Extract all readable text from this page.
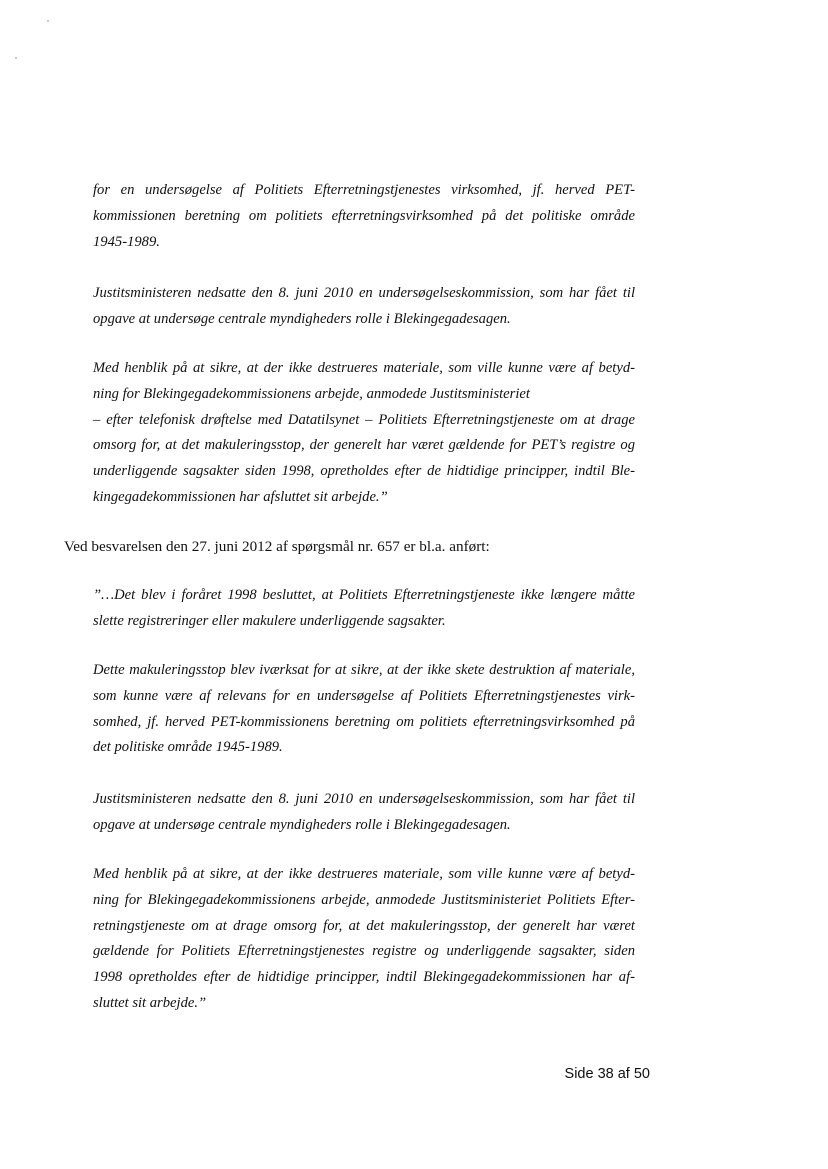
for en undersøgelse af Politiets Efterretningstjenestes virksomhed, jf. herved PET-
kommissionen beretning om politiets efterretningsvirksomhed på det politiske område
1945-1989.
Justitsministeren nedsatte den 8. juni 2010 en undersøgelseskommission, som har fået til
opgave at undersøge centrale myndigheders rolle i Blekingegadesagen.
Med henblik på at sikre, at der ikke destrueres materiale, som ville kunne være af betyd-
ning for Blekingegadekommissionens arbejde, anmodede Justitsministeriet
– efter telefonisk drøftelse med Datatilsynet – Politiets Efterretningstjeneste om at drage
omsorg for, at det makuleringsstop, der generelt har været gældende for PET’s registre og
underliggende sagsakter siden 1998, opretholdes efter de hidtidige principper, indtil Ble-
kingegadekommissionen har afsluttet sit arbejde.”

Ved besvarelsen den 27. juni 2012 af spørgsmål nr. 657 er bl.a. anført:

”…Det blev i foråret 1998 besluttet, at Politiets Efterretningstjeneste ikke længere måtte
slette registreringer eller makulere underliggende sagsakter.
Dette makuleringsstop blev iværksat for at sikre, at der ikke skete destruktion af materiale,
som kunne være af relevans for en undersøgelse af Politiets Efterretningstjenestes virk-
somhed, jf. herved PET-kommissionens beretning om politiets efterretningsvirksomhed på
det politiske område 1945-1989.
Justitsministeren nedsatte den 8. juni 2010 en undersøgelseskommission, som har fået til
opgave at undersøge centrale myndigheders rolle i Blekingegadesagen.
Med henblik på at sikre, at der ikke destrueres materiale, som ville kunne være af betyd-
ning for Blekingegadekommissionens arbejde, anmodede Justitsministeriet Politiets Efter-
retningstjeneste om at drage omsorg for, at det makuleringsstop, der generelt har været
gældende for Politiets Efterretningstjenestes registre og underliggende sagsakter, siden
1998 opretholdes efter de hidtidige principper, indtil Blekingegadekommissionen har af-
sluttet sit arbejde.”
Side 38 af 50
